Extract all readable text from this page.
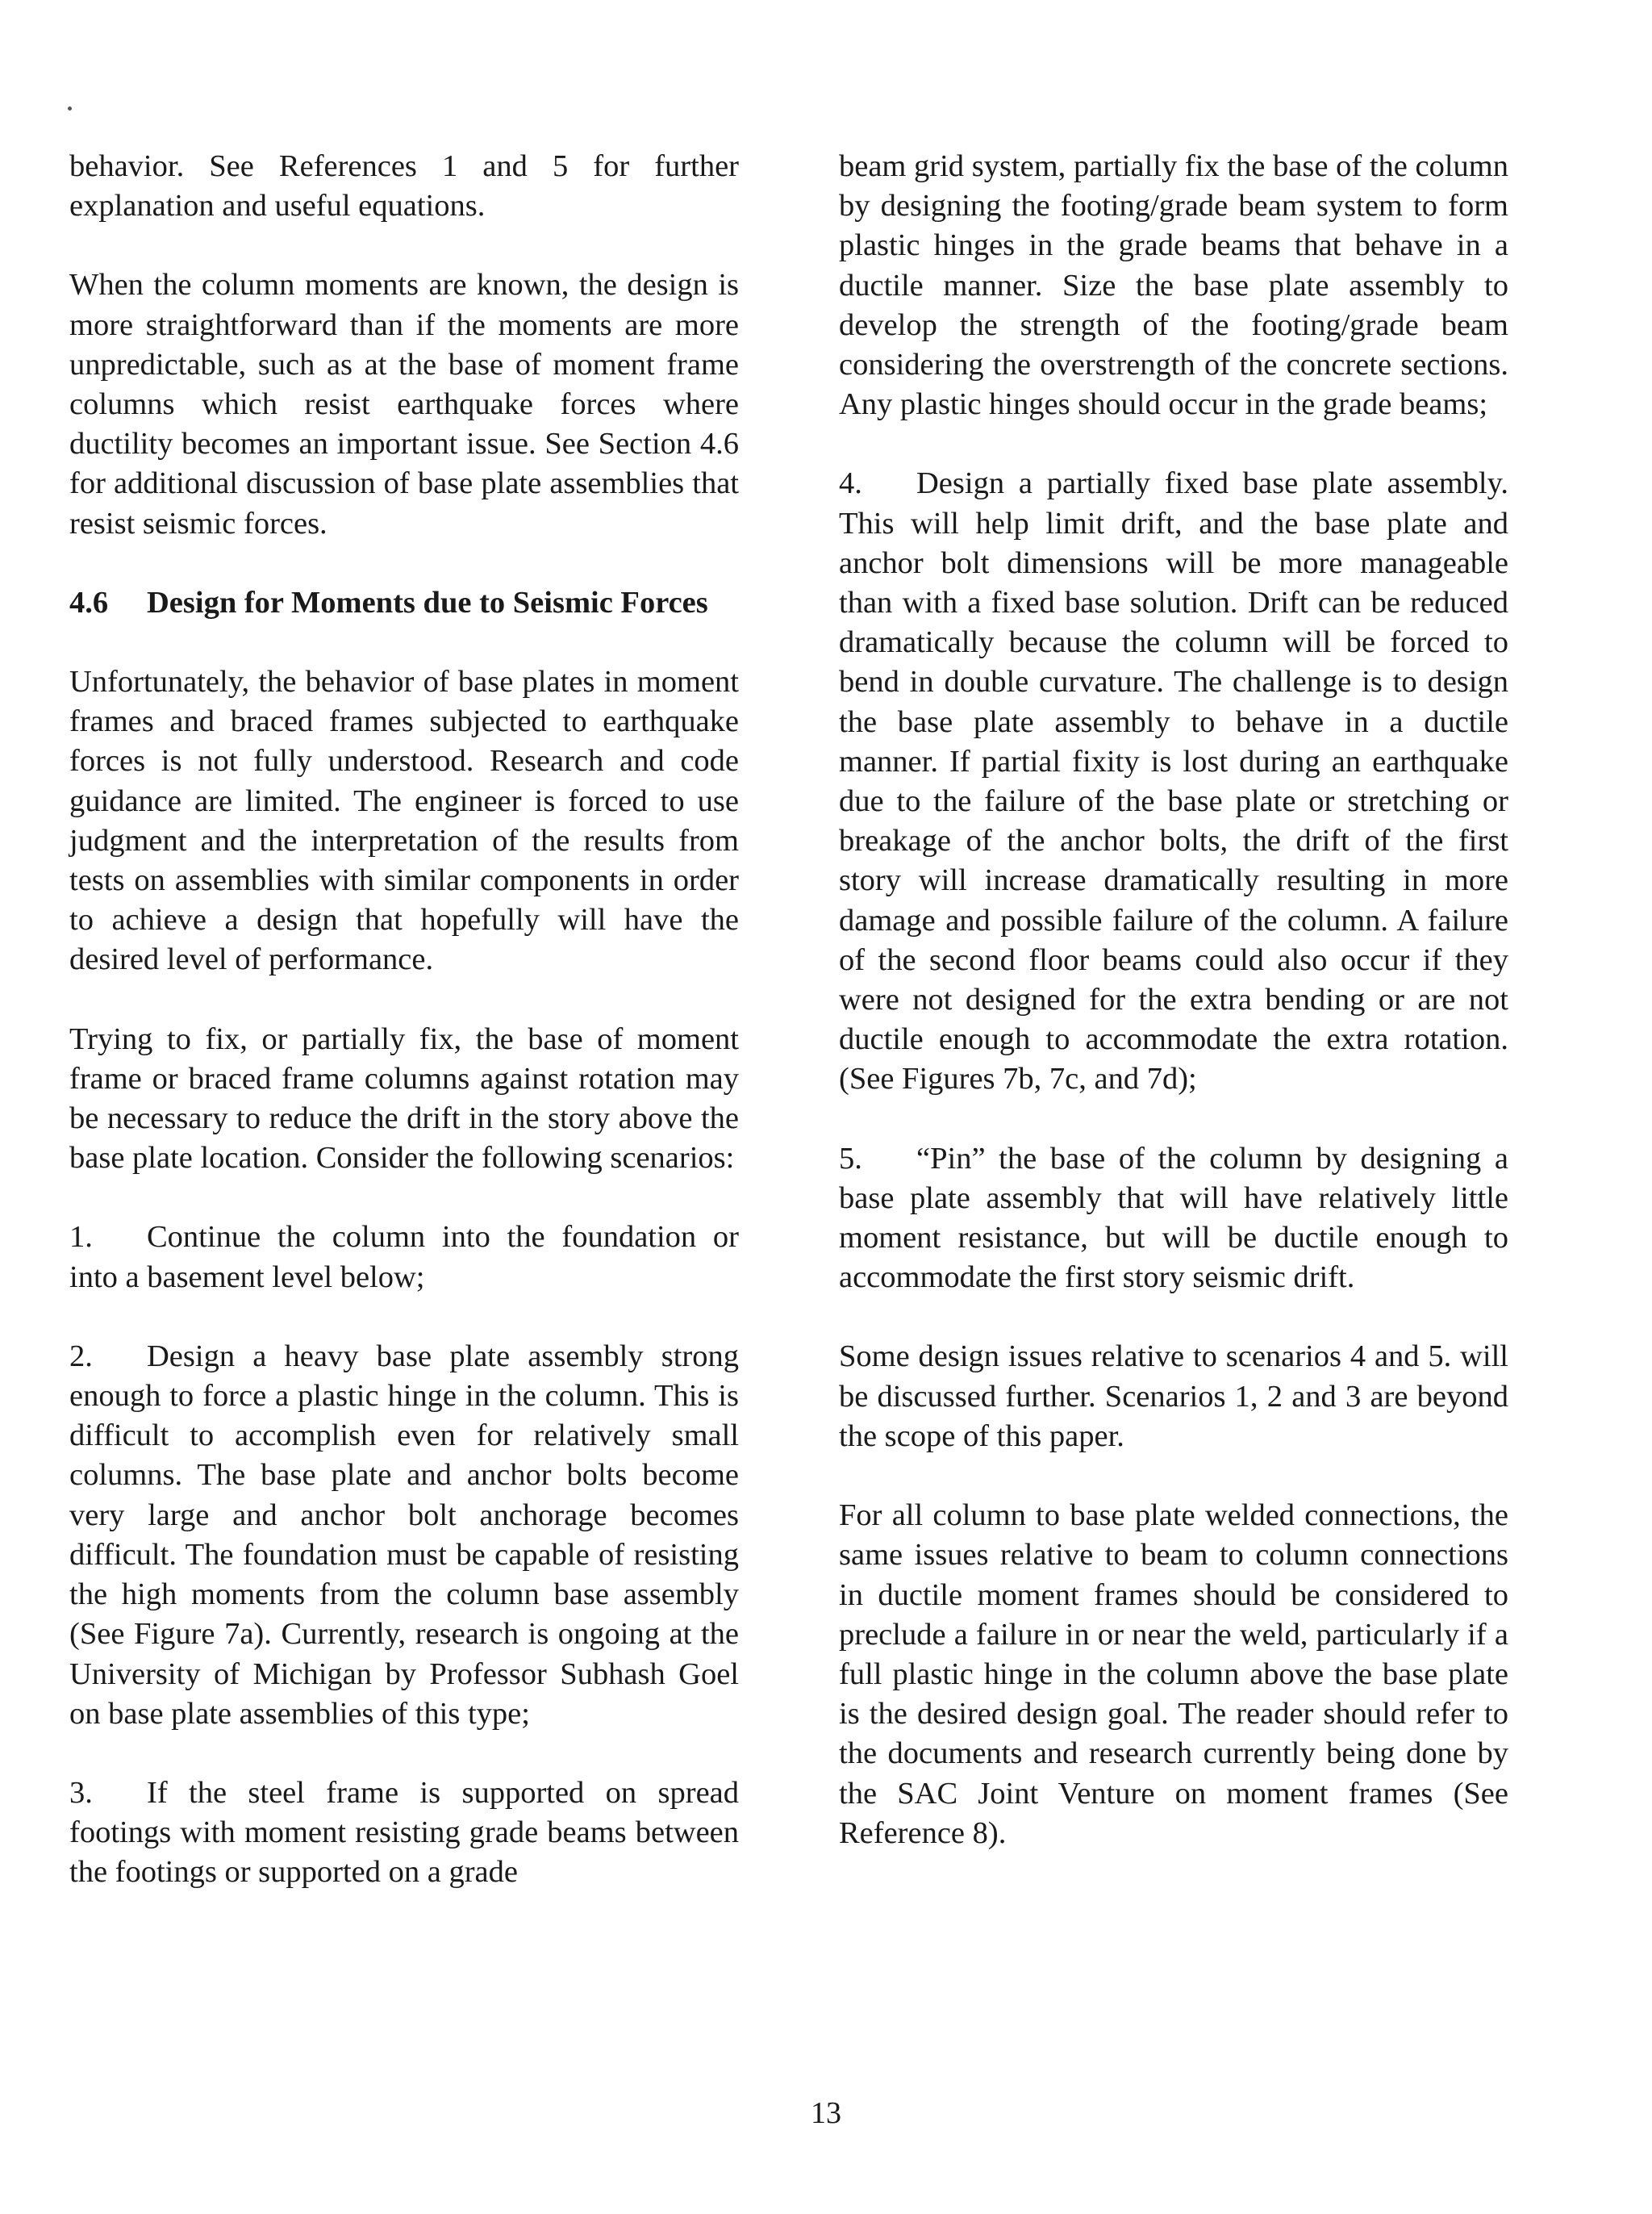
behavior. See References 1 and 5 for further explanation and useful equations.

When the column moments are known, the design is more straightforward than if the moments are more unpredictable, such as at the base of moment frame columns which resist earthquake forces where ductility becomes an important issue. See Section 4.6 for additional discussion of base plate assemblies that resist seismic forces.

4.6	Design for Moments due to Seismic Forces

Unfortunately, the behavior of base plates in moment frames and braced frames subjected to earthquake forces is not fully understood. Research and code guidance are limited. The engineer is forced to use judgment and the interpretation of the results from tests on assemblies with similar components in order to achieve a design that hopefully will have the desired level of performance.

Trying to fix, or partially fix, the base of moment frame or braced frame columns against rotation may be necessary to reduce the drift in the story above the base plate location. Consider the following scenarios:

1. Continue the column into the foundation or into a basement level below;

2. Design a heavy base plate assembly strong enough to force a plastic hinge in the column. This is difficult to accomplish even for relatively small columns. The base plate and anchor bolts become very large and anchor bolt anchorage becomes difficult. The foundation must be capable of resisting the high moments from the column base assembly (See Figure 7a). Currently, research is ongoing at the University of Michigan by Professor Subhash Goel on base plate assemblies of this type;

3. If the steel frame is supported on spread footings with moment resisting grade beams between the footings or supported on a grade

beam grid system, partially fix the base of the column by designing the footing/grade beam system to form plastic hinges in the grade beams that behave in a ductile manner. Size the base plate assembly to develop the strength of the footing/grade beam considering the overstrength of the concrete sections. Any plastic hinges should occur in the grade beams;

4. Design a partially fixed base plate assembly. This will help limit drift, and the base plate and anchor bolt dimensions will be more manageable than with a fixed base solution. Drift can be reduced dramatically because the column will be forced to bend in double curvature. The challenge is to design the base plate assembly to behave in a ductile manner. If partial fixity is lost during an earthquake due to the failure of the base plate or stretching or breakage of the anchor bolts, the drift of the first story will increase dramatically resulting in more damage and possible failure of the column. A failure of the second floor beams could also occur if they were not designed for the extra bending or are not ductile enough to accommodate the extra rotation. (See Figures 7b, 7c, and 7d);

5. “Pin” the base of the column by designing a base plate assembly that will have relatively little moment resistance, but will be ductile enough to accommodate the first story seismic drift.

Some design issues relative to scenarios 4 and 5. will be discussed further. Scenarios 1, 2 and 3 are beyond the scope of this paper.

For all column to base plate welded connections, the same issues relative to beam to column connections in ductile moment frames should be considered to preclude a failure in or near the weld, particularly if a full plastic hinge in the column above the base plate is the desired design goal. The reader should refer to the documents and research currently being done by the SAC Joint Venture on moment frames (See Reference 8).

13
